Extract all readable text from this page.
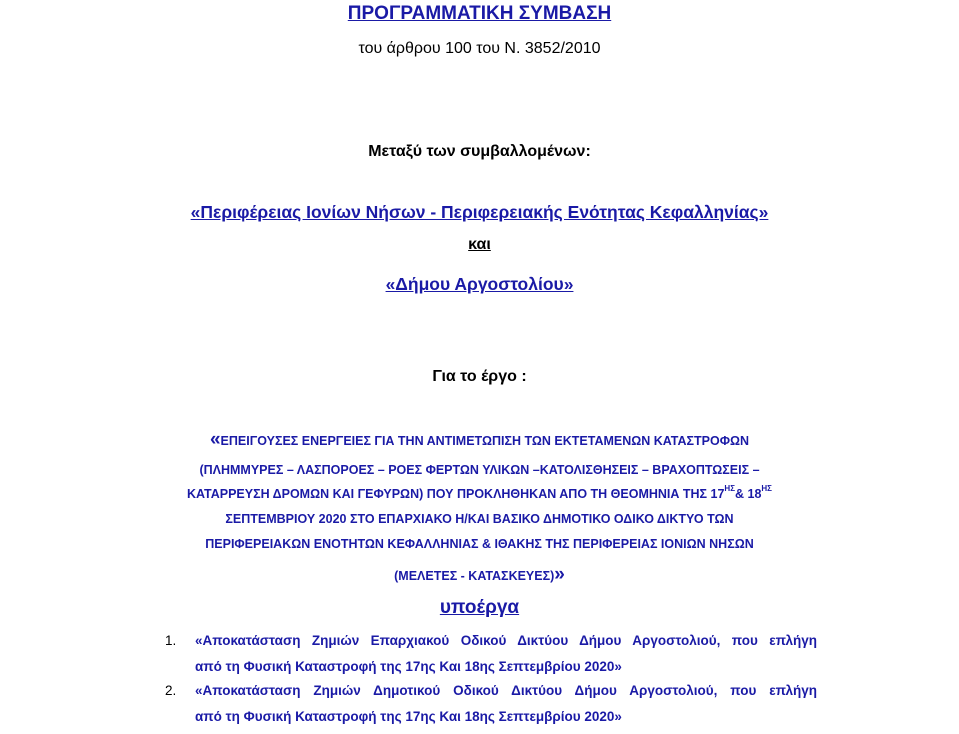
ΠΡΟΓΡΑΜΜΑΤΙΚΗ ΣΥΜΒΑΣΗ
του άρθρου 100 του Ν. 3852/2010
Μεταξύ των συμβαλλομένων:
«Περιφέρειας Ιονίων Νήσων - Περιφερειακής Ενότητας Κεφαλληνίας»
και
«Δήμου Αργοστολίου»
Για το έργο :
«ΕΠΕΙΓΟΥΣΕΣ ΕΝΕΡΓΕΙΕΣ ΓΙΑ ΤΗΝ ΑΝΤΙΜΕΤΩΠΙΣΗ ΤΩΝ ΕΚΤΕΤΑΜΕΝΩΝ ΚΑΤΑΣΤΡΟΦΩΝ
(ΠΛΗΜΜΥΡΕΣ – ΛΑΣΠΟΡΟΕΣ – ΡΟΕΣ ΦΕΡΤΩΝ ΥΛΙΚΩΝ –ΚΑΤΟΛΙΣΘΗΣΕΙΣ – ΒΡΑΧΟΠΤΩΣΕΙΣ –
ΚΑΤΑΡΡΕΥΣΗ ΔΡΟΜΩΝ ΚΑΙ ΓΕΦΥΡΩΝ) ΠΟΥ ΠΡΟΚΛΗΘΗΚΑΝ ΑΠΟ ΤΗ ΘΕΟΜΗΝΙΑ ΤΗΣ $17^{H\Sigma}\&$ $18^{H\Sigma}$
ΣΕΠΤΕΜΒΡΙΟΥ 2020 ΣΤΟ ΕΠΑΡΧΙΑΚΟ Η/ΚΑΙ ΒΑΣΙΚΟ ΔΗΜΟΤΙΚΟ ΟΔΙΚΟ ΔΙΚΤΥΟ ΤΩΝ
ΠΕΡΙΦΕΡΕΙΑΚΩΝ ΕΝΟΤΗΤΩΝ ΚΕΦΑΛΛΗΝΙΑΣ & ΙΘΑΚΗΣ ΤΗΣ ΠΕΡΙΦΕΡΕΙΑΣ ΙΟΝΙΩΝ ΝΗΣΩΝ
(ΜΕΛΕΤΕΣ - ΚΑΤΑΣΚΕΥΕΣ)»
υποέργα
1.	«Αποκατάσταση Ζημιών Επαρχιακού Οδικού Δικτύου Δήμου Αργοστολιού, που επλήγη
από τη Φυσική Καταστροφή της 17ης Και 18ης Σεπτεμβρίου 2020»
2.	«Αποκατάσταση Ζημιών Δημοτικού Οδικού Δικτύου Δήμου Αργοστολιού, που επλήγη
από τη Φυσική Καταστροφή της 17ης Και 18ης Σεπτεμβρίου 2020»
